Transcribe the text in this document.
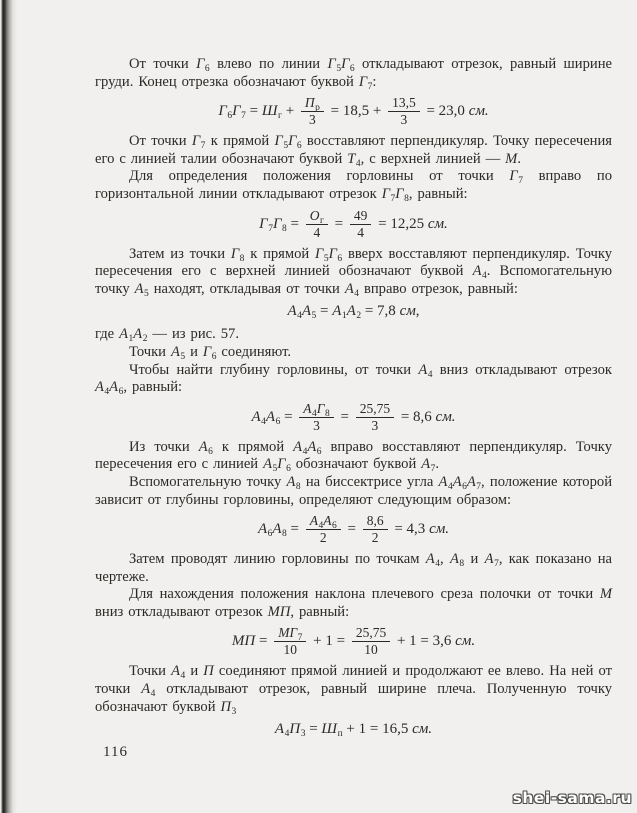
От точки $Г_6$ влево по линии $Г_5Г_6$ откладывают отрезок, равный ширине груди. Конец отрезка обозначают буквой $Г_7$:
$Г_6Г_7 = Ш_г + \frac{П_р}{3} = 18,5 + \frac{13,5}{3} = 23,0$ см.
От точки $Г_7$ к прямой $Г_5Г_6$ восставляют перпендикуляр. Точку пересечения его с линией талии обозначают буквой $Т_4$, с верхней линией — М.
Для определения положения горловины от точки $Г_7$ вправо по горизонтальной линии откладывают отрезок $Г_7Г_8$, равный:
$Г_7Г_8 = \frac{О_г}{4} = \frac{49}{4} = 12,25$ см.
Затем из точки $Г_8$ к прямой $Г_5Г_6$ вверх восставляют перпендикуляр. Точку пересечения его с верхней линией обозначают буквой $А_4$. Вспомогательную точку $А_5$ находят, откладывая от точки $А_4$ вправо отрезок, равный:
$А_4А_5 = А_1А_2 = 7,8$ см,
где $А_1А_2$ — из рис. 57.
Точки $А_5$ и $Г_6$ соединяют.
Чтобы найти глубину горловины, от точки $А_4$ вниз откладывают отрезок $А_4А_6$, равный:
$А_4А_6 = \frac{А_4Г_8}{3} = \frac{25,75}{3} = 8,6$ см.
Из точки $А_6$ к прямой $А_4А_6$ вправо восставляют перпендикуляр. Точку пересечения его с линией $А_5Г_6$ обозначают буквой $А_7$.
Вспомогательную точку $А_8$ на биссектрисе угла $А_4А_6А_7$, положение которой зависит от глубины горловины, определяют следующим образом:
$А_6А_8 = \frac{А_4А_6}{2} = \frac{8,6}{2} = 4,3$ см.
Затем проводят линию горловины по точкам $А_4$, $А_8$ и $А_7$, как показано на чертеже.
Для нахождения положения наклона плечевого среза полочки от точки М вниз откладывают отрезок МП, равный:
МП = $\frac{МГ_7}{10} + 1 = \frac{25,75}{10} + 1 = 3,6$ см.
Точки $А_4$ и П соединяют прямой линией и продолжают ее влево. На ней от точки $А_4$ откладывают отрезок, равный ширине плеча. Полученную точку обозначают буквой $П_3$
$А_4П_3 = Ш_п + 1 = 16,5$ см.
116
shei-sama.ru
